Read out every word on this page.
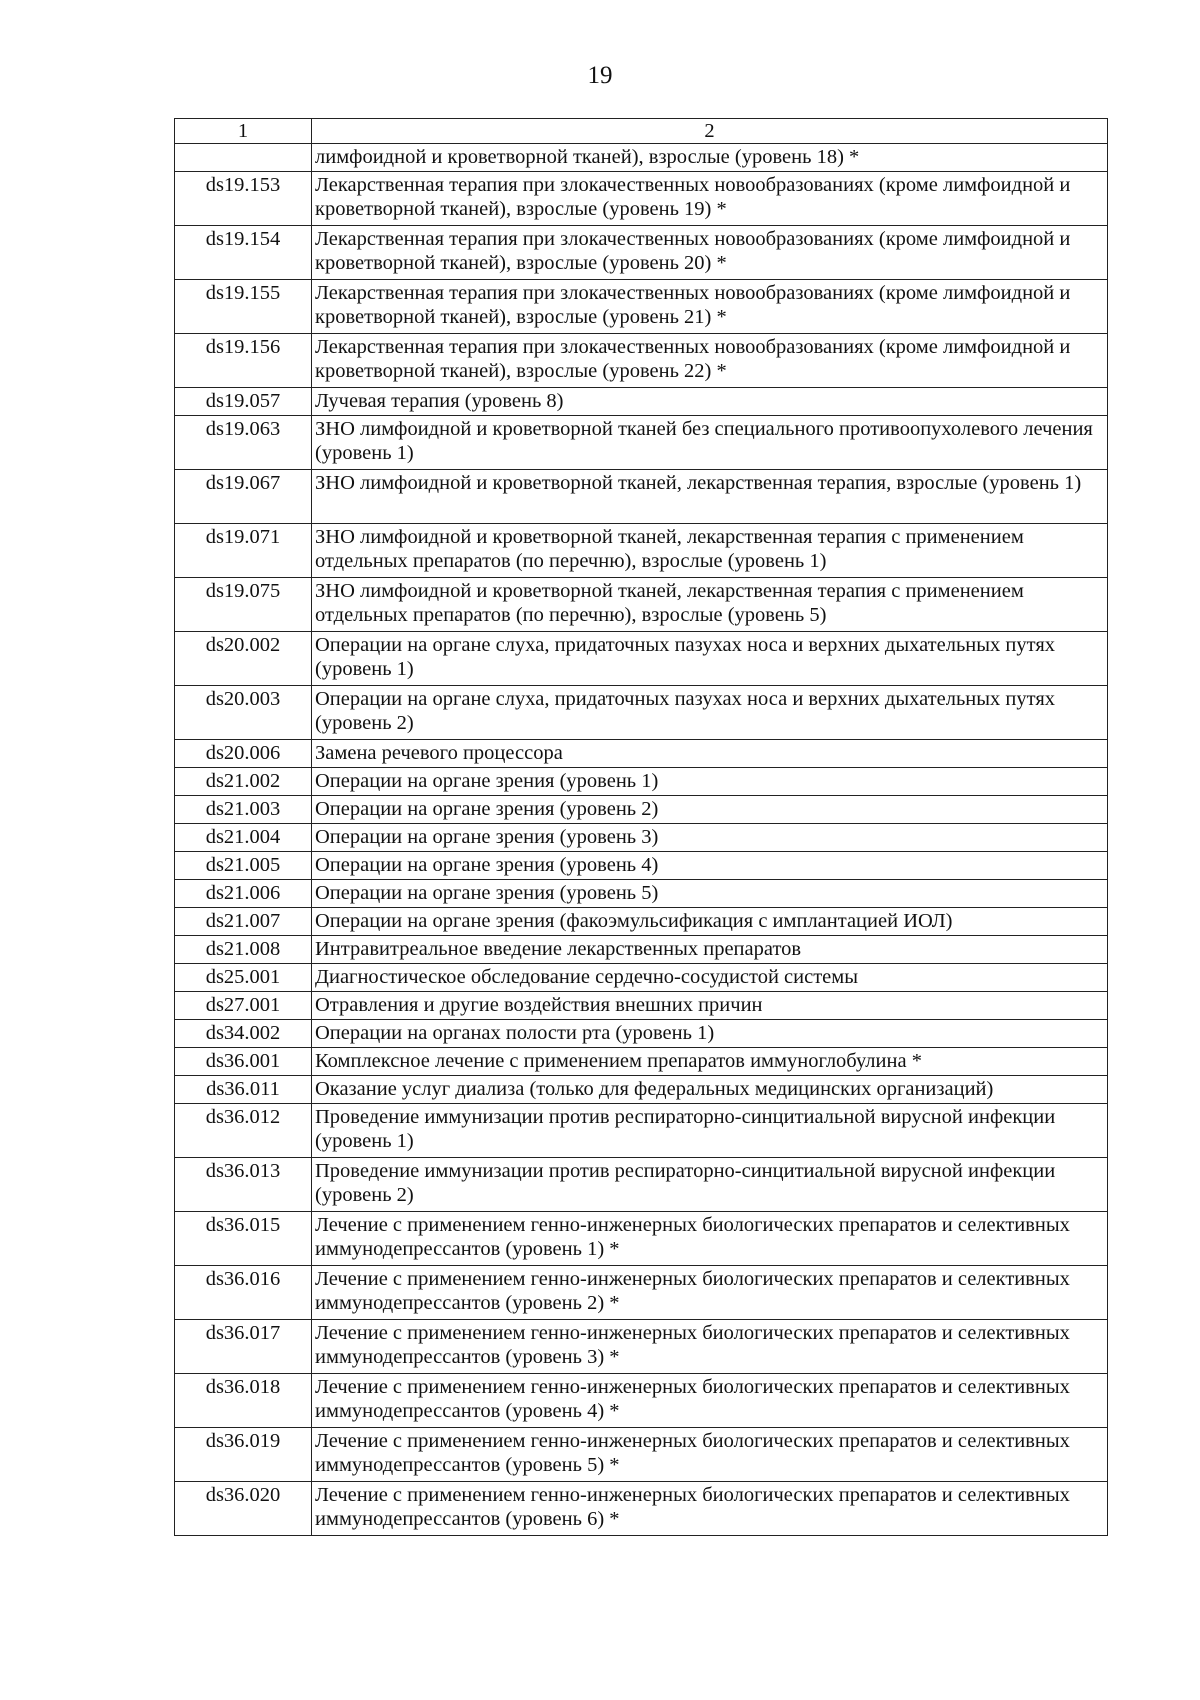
19
1	2
	лимфоидной и кроветворной тканей), взрослые (уровень 18) *
ds19.153	Лекарственная терапия при злокачественных новообразованиях (кроме лимфоидной и кроветворной тканей), взрослые (уровень 19) *
ds19.154	Лекарственная терапия при злокачественных новообразованиях (кроме лимфоидной и кроветворной тканей), взрослые (уровень 20) *
ds19.155	Лекарственная терапия при злокачественных новообразованиях (кроме лимфоидной и кроветворной тканей), взрослые (уровень 21) *
ds19.156	Лекарственная терапия при злокачественных новообразованиях (кроме лимфоидной и кроветворной тканей), взрослые (уровень 22) *
ds19.057	Лучевая терапия (уровень 8)
ds19.063	ЗНО лимфоидной и кроветворной тканей без специального противоопухолевого лечения (уровень 1)
ds19.067	ЗНО лимфоидной и кроветворной тканей, лекарственная терапия, взрослые (уровень 1)
ds19.071	ЗНО лимфоидной и кроветворной тканей, лекарственная терапия с применением отдельных препаратов (по перечню), взрослые (уровень 1)
ds19.075	ЗНО лимфоидной и кроветворной тканей, лекарственная терапия с применением отдельных препаратов (по перечню), взрослые (уровень 5)
ds20.002	Операции на органе слуха, придаточных пазухах носа и верхних дыхательных путях (уровень 1)
ds20.003	Операции на органе слуха, придаточных пазухах носа и верхних дыхательных путях (уровень 2)
ds20.006	Замена речевого процессора
ds21.002	Операции на органе зрения (уровень 1)
ds21.003	Операции на органе зрения (уровень 2)
ds21.004	Операции на органе зрения (уровень 3)
ds21.005	Операции на органе зрения (уровень 4)
ds21.006	Операции на органе зрения (уровень 5)
ds21.007	Операции на органе зрения (факоэмульсификация с имплантацией ИОЛ)
ds21.008	Интравитреальное введение лекарственных препаратов
ds25.001	Диагностическое обследование сердечно-сосудистой системы
ds27.001	Отравления и другие воздействия внешних причин
ds34.002	Операции на органах полости рта (уровень 1)
ds36.001	Комплексное лечение с применением препаратов иммуноглобулина *
ds36.011	Оказание услуг диализа (только для федеральных медицинских организаций)
ds36.012	Проведение иммунизации против респираторно-синцитиальной вирусной инфекции (уровень 1)
ds36.013	Проведение иммунизации против респираторно-синцитиальной вирусной инфекции (уровень 2)
ds36.015	Лечение с применением генно-инженерных биологических препаратов и селективных иммунодепрессантов (уровень 1) *
ds36.016	Лечение с применением генно-инженерных биологических препаратов и селективных иммунодепрессантов (уровень 2) *
ds36.017	Лечение с применением генно-инженерных биологических препаратов и селективных иммунодепрессантов (уровень 3) *
ds36.018	Лечение с применением генно-инженерных биологических препаратов и селективных иммунодепрессантов (уровень 4) *
ds36.019	Лечение с применением генно-инженерных биологических препаратов и селективных иммунодепрессантов (уровень 5) *
ds36.020	Лечение с применением генно-инженерных биологических препаратов и селективных иммунодепрессантов (уровень 6) *
